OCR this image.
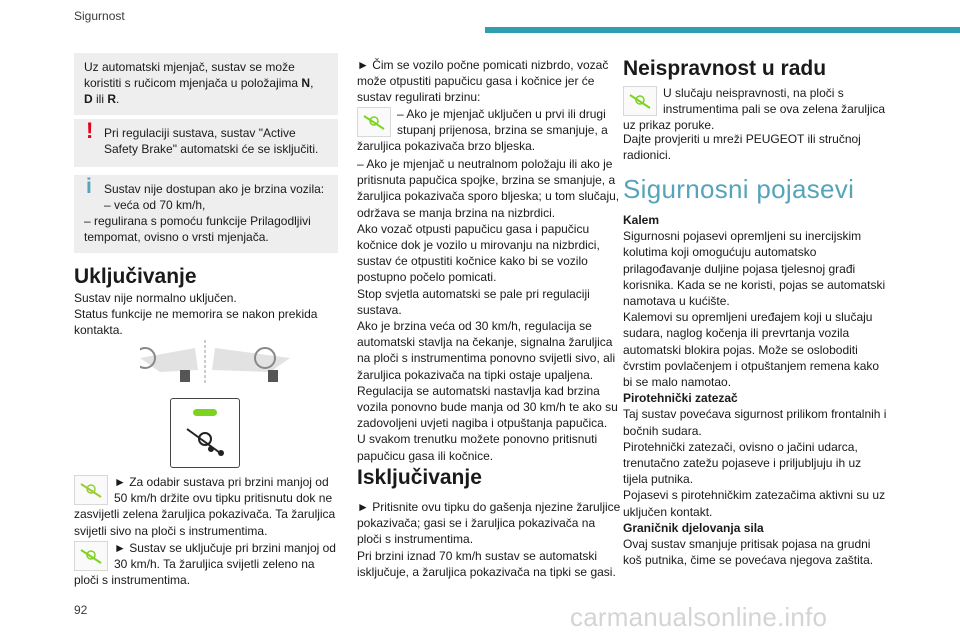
Sigurnost
Uz automatski mjenjač, sustav se može
koristiti s ručicom mjenjača u položajima N,
D ili R.
! Pri regulaciji sustava, sustav "Active Safety Brake" automatski će se isključiti.
i	Sustav nije dostupan ako je brzina vozila:
– veća od 70 km/h,
– regulirana s pomoću funkcije Prilagodljivi tempomat, ovisno o vrsti mjenjača.
Uključivanje
Sustav nije normalno uključen.
Status funkcije ne memorira se nakon prekida kontakta.
► Za odabir sustava pri brzini manjoj od 50 km/h držite ovu tipku pritisnutu dok ne zasvijetli zelena žaruljica pokazivača. Ta žaruljica svijetli sivo na ploči s instrumentima.
► Sustav se uključuje pri brzini manjoj od 30 km/h. Ta žaruljica svijetli zeleno na ploči s instrumentima.
► Čim se vozilo počne pomicati nizbrdo, vozač može otpustiti papučicu gasa i kočnice jer će sustav regulirati brzinu:
– Ako je mjenjač uključen u prvi ili drugi stupanj prijenosa, brzina se smanjuje, a žaruljica pokazivača brzo bljeska.
– Ako je mjenjač u neutralnom položaju ili ako je pritisnuta papučica spojke, brzina se smanjuje, a žaruljica pokazivača sporo bljeska; u tom slučaju, održava se manja brzina na nizbrdici.
Ako vozač otpusti papučicu gasa i papučicu kočnice dok je vozilo u mirovanju na nizbrdici, sustav će otpustiti kočnice kako bi se vozilo postupno počelo pomicati.
Stop svjetla automatski se pale pri regulaciji sustava.
Ako je brzina veća od 30 km/h, regulacija se automatski stavlja na čekanje, signalna žaruljica na ploči s instrumentima ponovno svijetli sivo, ali žaruljica pokazivača na tipki ostaje upaljena.
Regulacija se automatski nastavlja kad brzina vozila ponovno bude manja od 30 km/h te ako su zadovoljeni uvjeti nagiba i otpuštanja papučica.
U svakom trenutku možete ponovno pritisnuti papučicu gasa ili kočnice.
Isključivanje
► Pritisnite ovu tipku do gašenja njezine žaruljice pokazivača; gasi se i žaruljica pokazivača na ploči s instrumentima.
Pri brzini iznad 70 km/h sustav se automatski isključuje, a žaruljica pokazivača na tipki se gasi.
Neispravnost u radu
U slučaju neispravnosti, na ploči s instrumentima pali se ova zelena žaruljica uz prikaz poruke.
Dajte provjeriti u mreži PEUGEOT ili stručnoj radionici.
Sigurnosni pojasevi

Kalem

Sigurnosni pojasevi opremljeni su inercijskim kolutima koji omogućuju automatsko prilagođavanje duljine pojasa tjelesnoj građi korisnika. Kada se ne koristi, pojas se automatski namotava u kućište.
Kalemovi su opremljeni uređajem koji u slučaju sudara, naglog kočenja ili prevrtanja vozila automatski blokira pojas. Može se osloboditi čvrstim povlačenjem i otpuštanjem remena kako bi se malo namotao.

Pirotehnički zatezač

Taj sustav povećava sigurnost prilikom frontalnih i bočnih sudara.
Pirotehnički zatezači, ovisno o jačini udarca, trenutačno zatežu pojaseve i priljubljuju ih uz tijela putnika.
Pojasevi s pirotehničkim zatezačima aktivni su uz uključen kontakt.

Graničnik djelovanja sila

Ovaj sustav smanjuje pritisak pojasa na grudni koš putnika, čime se povećava njegova zaštita.

92	carmanualsonline.info
